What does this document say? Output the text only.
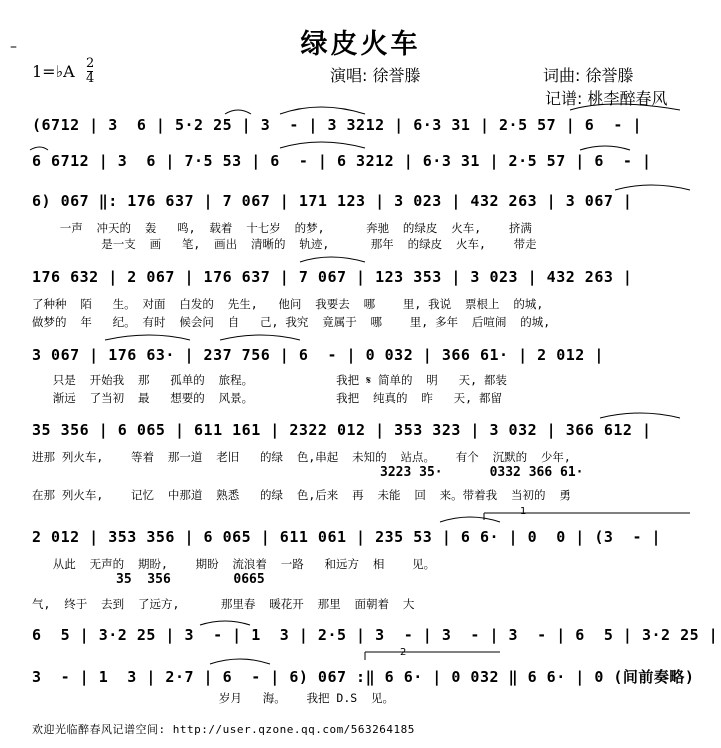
–	绿皮火车
1=♭A 2
4	演唱: 徐誉滕	词曲: 徐誉滕
记谱: 桃李醉春风
(6712 | 3  6 | 5·2 25 | 3  - | 3 3212 | 6·3 31 | 2·5 57 | 6  - |
6 6712 | 3  6 | 7·5 53 | 6  - | 6 3212 | 6·3 31 | 2·5 57 | 6  - |
6) 067 ‖: 176 637 | 7 067 | 171 123 | 3 023 | 432 263 | 3 067 |
一声  冲天的  轰   鸣,  载着  十七岁  的梦,      奔驰  的绿皮  火车,    挤满
是一支  画   笔,  画出  清晰的  轨迹,      那年  的绿皮  火车,    带走
176 632 | 2 067 | 176 637 | 7 067 | 123 353 | 3 023 | 432 263 |
了种种  陌   生。 对面  白发的  先生,   他问  我要去  哪    里, 我说  票根上  的城,
做梦的  年   纪。 有时  候会问  自   己, 我究  竟属于  哪    里, 多年  后喧闹  的城,
3 067 | 176 63· | 237 756 | 6  - | 0 032 | 366 61· | 2 012 |
只是  开始我  那   孤单的  旅程。            我把 𝄋 简单的  明   天, 都装
渐远  了当初  最   想要的  风景。            我把  纯真的  昨   天, 都留
35 356 | 6 065 | 611 161 | 2322 012 | 353 323 | 3 032 | 366 612 |
进那 列火车,    等着  那一道  老旧   的绿  色,串起  未知的  站点。   有个  沉默的  少年,
3223 35·      0332 366 61·
在那 列火车,    记忆  中那道  熟悉   的绿  色,后来  再  未能  回  来。带着我  当初的  勇
2 012 | 353 356 | 6 065 | 611 061 | 235 53 | 6 6· | 0  0 | (3  - |
从此  无声的  期盼,    期盼  流浪着  一路   和远方  相    见。
35  356        0665
气,  终于  去到  了远方,      那里春  暖花开  那里  面朝着  大
6  5 | 3·2 25 | 3  - | 1  3 | 2·5 | 3  - | 3  - | 3  - | 6  5 | 3·2 25 |
3  - | 1  3 | 2·7 | 6  - | 6) 067 :‖ 6 6· | 0 032 ‖ 6 6· | 0 (间前奏略)
岁月   海。   我把 D.S  见。
1
2
欢迎光临醉春风记谱空间: http://user.qzone.qq.com/563264185
